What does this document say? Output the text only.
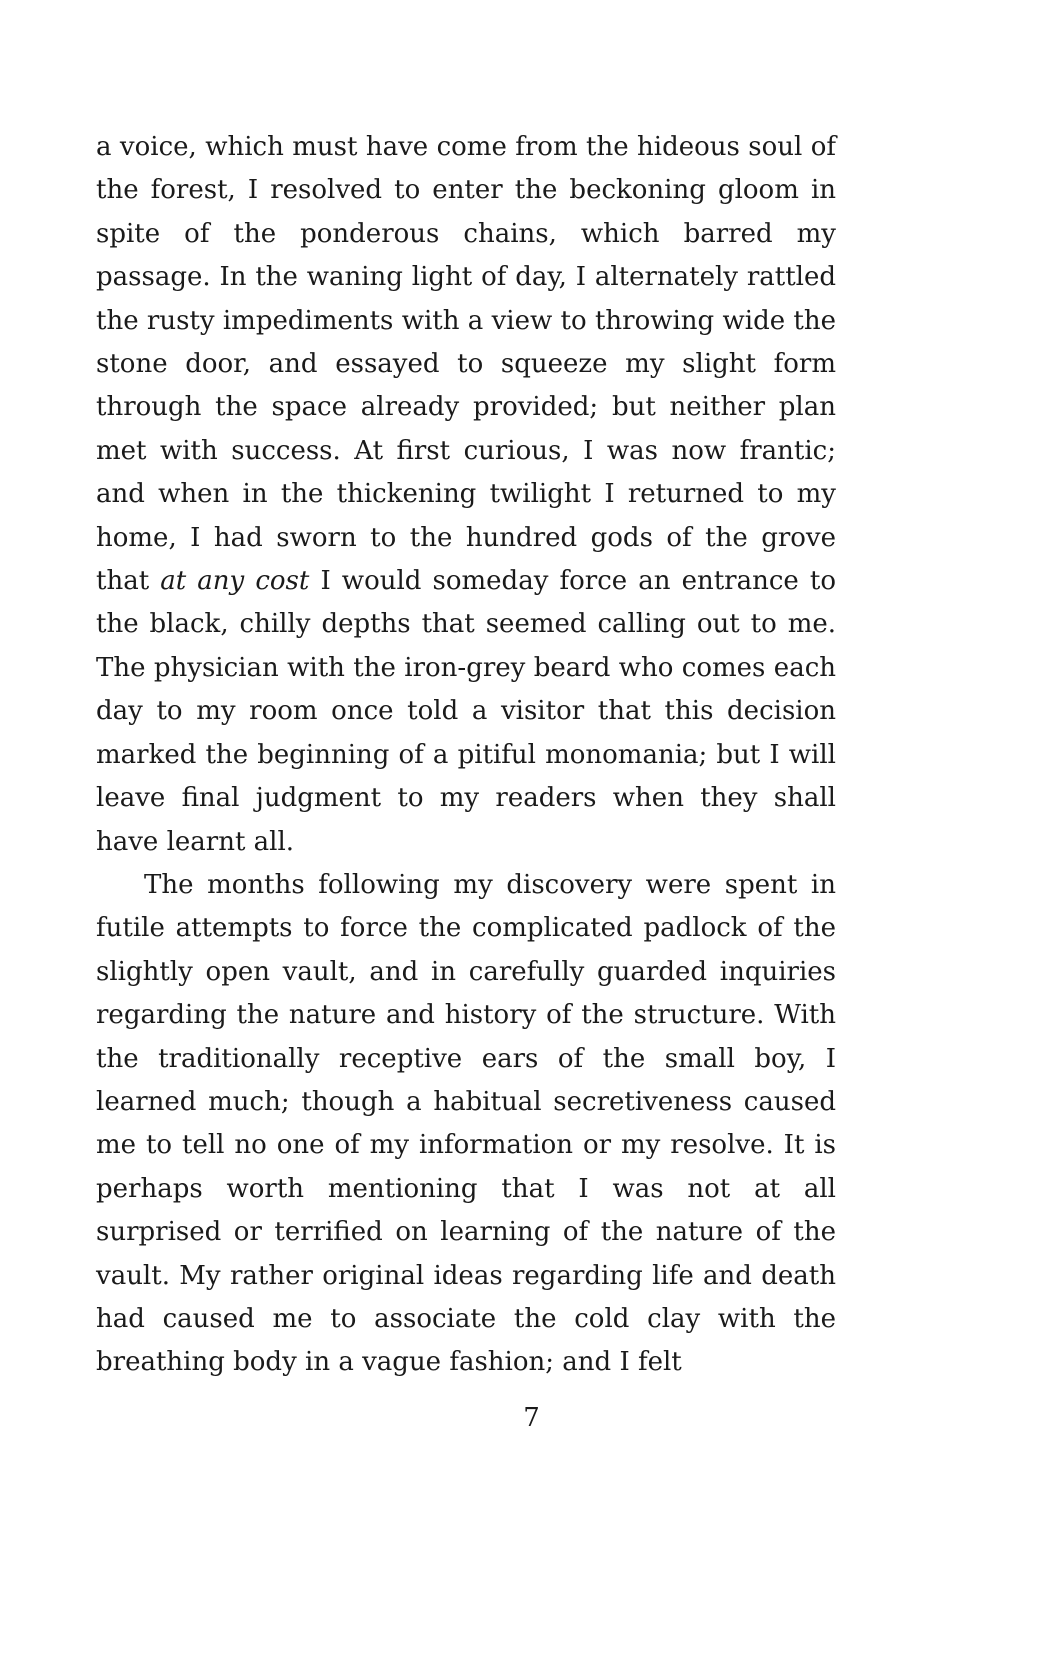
a voice, which must have come from the hideous soul of the forest, I resolved to enter the beckoning gloom in spite of the ponderous chains, which barred my passage. In the waning light of day, I alternately rattled the rusty impediments with a view to throwing wide the stone door, and essayed to squeeze my slight form through the space already provided; but neither plan met with success. At first curious, I was now frantic; and when in the thickening twilight I returned to my home, I had sworn to the hundred gods of the grove that at any cost I would someday force an entrance to the black, chilly depths that seemed calling out to me. The physician with the iron-grey beard who comes each day to my room once told a visitor that this decision marked the beginning of a pitiful monomania; but I will leave final judgment to my readers when they shall have learnt all.

The months following my discovery were spent in futile attempts to force the complicated padlock of the slightly open vault, and in carefully guarded inquiries regarding the nature and history of the structure. With the traditionally receptive ears of the small boy, I learned much; though a habitual secretiveness caused me to tell no one of my information or my resolve. It is perhaps worth mentioning that I was not at all surprised or terrified on learning of the nature of the vault. My rather original ideas regarding life and death had caused me to associate the cold clay with the breathing body in a vague fashion; and I felt

7
